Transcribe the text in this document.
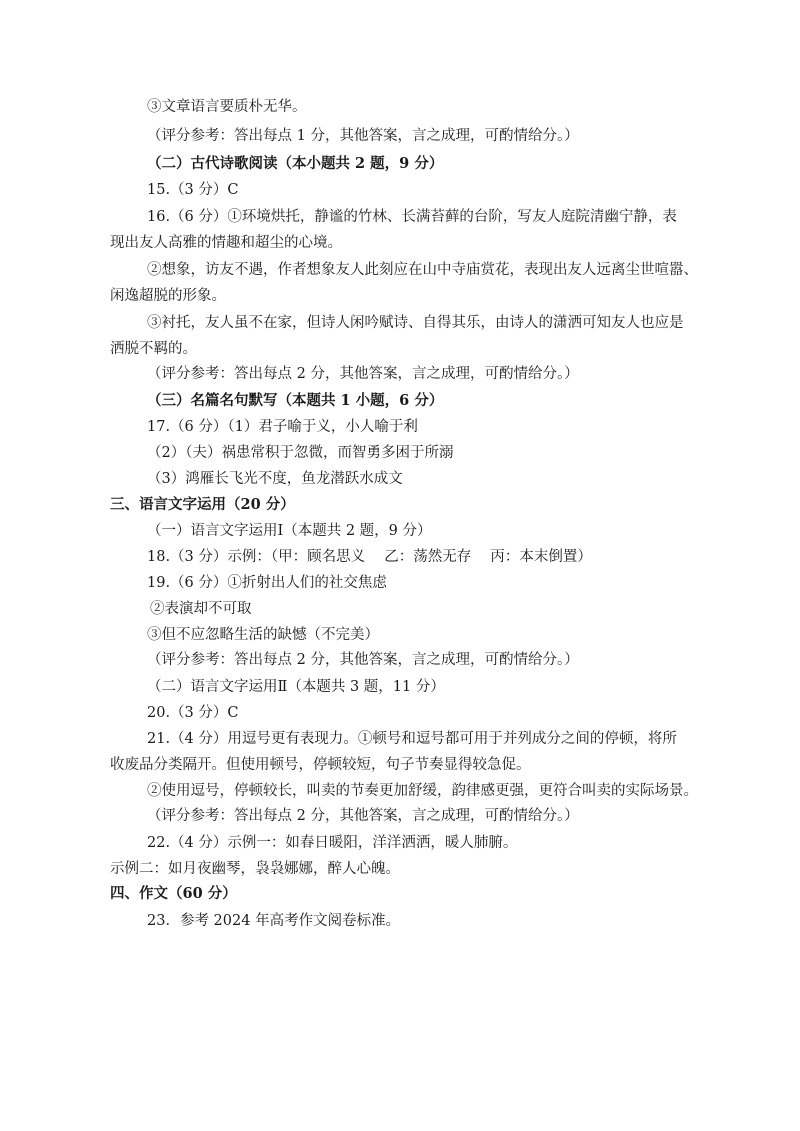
③文章语言要质朴无华。
（评分参考：答出每点 1 分，其他答案，言之成理，可酌情给分。）
（二）古代诗歌阅读（本小题共 2 题，9 分）
15.（3 分）C
16.（6 分）①环境烘托，静谧的竹林、长满苔藓的台阶，写友人庭院清幽宁静，表
现出友人高雅的情趣和超尘的心境。
②想象，访友不遇，作者想象友人此刻应在山中寺庙赏花，表现出友人远离尘世喧嚣、
闲逸超脱的形象。
③衬托，友人虽不在家，但诗人闲吟赋诗、自得其乐，由诗人的潇洒可知友人也应是
洒脱不羁的。
（评分参考：答出每点 2 分，其他答案，言之成理，可酌情给分。）
（三）名篇名句默写（本题共 1 小题，6 分）
17.（6 分）（1）君子喻于义，小人喻于利
（2）（夫）祸患常积于忽微，而智勇多困于所溺
（3）鸿雁长飞光不度，鱼龙潜跃水成文
三、语言文字运用（20 分）
（一）语言文字运用Ⅰ（本题共 2 题，9 分）
18.（3 分）示例：（甲：顾名思义　 乙：荡然无存　 丙：本末倒置）
19.（6 分）①折射出人们的社交焦虑
②表演却不可取
③但不应忽略生活的缺憾（不完美）
（评分参考：答出每点 2 分，其他答案，言之成理，可酌情给分。）
（二）语言文字运用Ⅱ（本题共 3 题，11 分）
20.（3 分）C
21.（4 分）用逗号更有表现力。①顿号和逗号都可用于并列成分之间的停顿，将所
收废品分类隔开。但使用顿号，停顿较短，句子节奏显得较急促。
②使用逗号，停顿较长，叫卖的节奏更加舒缓，韵律感更强，更符合叫卖的实际场景。
（评分参考：答出每点 2 分，其他答案，言之成理，可酌情给分。）
22.（4 分）示例一：如春日暖阳，洋洋洒洒，暖人肺腑。
示例二：如月夜幽琴，袅袅娜娜，醉人心魄。
四、作文（60 分）
23．参考 2024 年高考作文阅卷标准。
